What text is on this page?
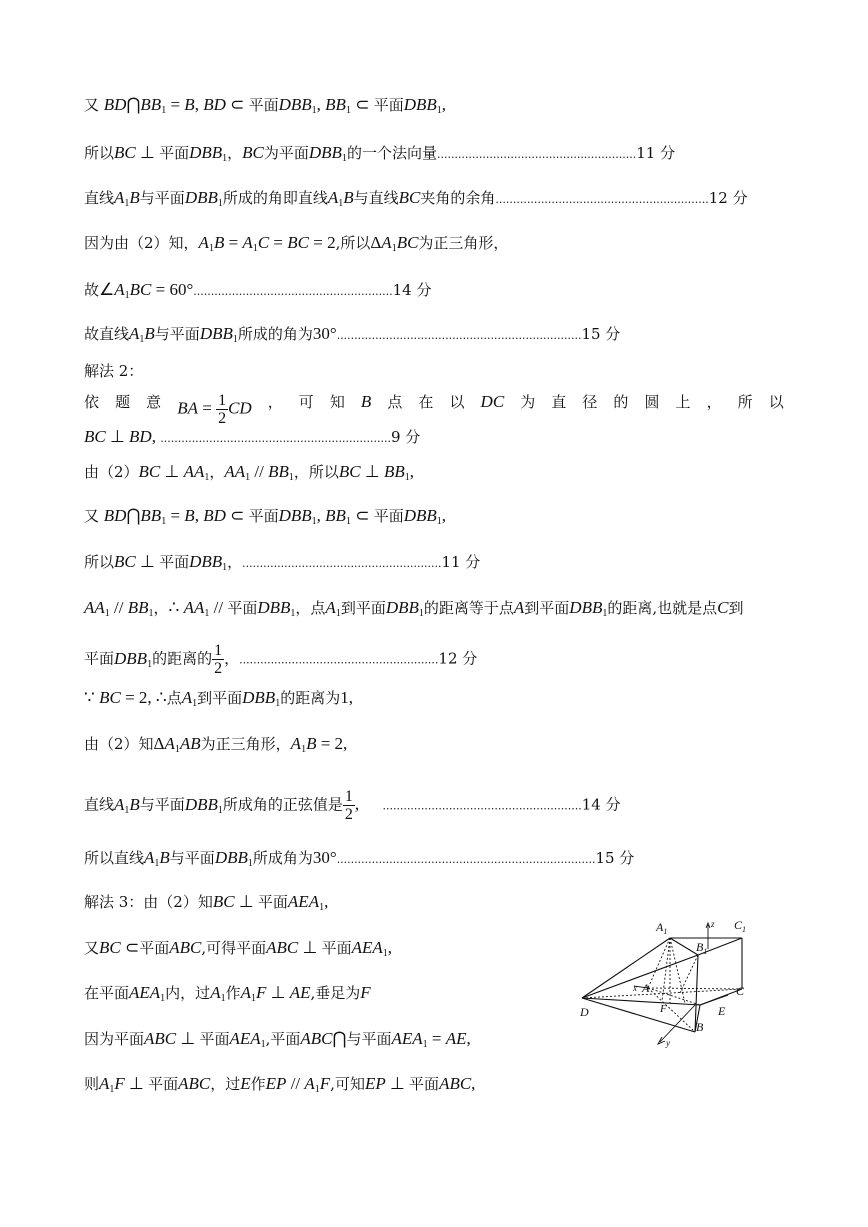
又 $BD⋂BB_1 = B$, BD ⊂ 平面$DBB_1$, $BB_1$ ⊂ 平面$DBB_1$,
所以BC ⊥ 平面$DBB_1$，BC为平面$DBB_1$的一个法向量.........................................................11 分
直线$A_1B$与平面$DBB_1$所成的角即直线$A_1B$与直线BC夹角的余角.............................................................12 分
因为由（2）知，$A_1B = A_1C$ = BC = 2,所以$\Delta A_1BC$为正三角形，
故$\angle A_1BC = 60^\circ.........................................................14$ 分
故直线$A_1B$与平面$DBB_1$所成的角为30°......................................................................15 分
解法 2：
依 题 意 BA = $\frac{1}{2}$ CD ， 可 知 B 点 在 以 DC 为 直 径 的 圆 上 ， 所 以
BC ⊥ BD, ..................................................................9 分
由（2）BC ⊥ $AA_1$，$AA_1 // BB_1$，所以BC ⊥ $BB_1$,
又 $BD⋂BB_1 = B$, BD ⊂ 平面$DBB_1$, $BB_1$ ⊂ 平面$DBB_1$,
所以BC ⊥ 平面$DBB_1$，.........................................................11 分
$AA_1 // BB_1$，∴ $AA_1$ // 平面$DBB_1$，点$A_1$到平面$DBB_1$的距离等于点A到平面$DBB_1$的距离,也就是点C到
平面$DBB_1$的距离的 $\frac{1}{2}$ ，.........................................................12 分
∵ BC = 2, ∴点$A_1$到平面$DBB_1$的距离为1,
由（2）知$\Delta A_1AB$为正三角形，$A_1B = 2$,
直线$A_1B$与平面$DBB_1$所成角的正弦值是 $\frac{1}{2}$ ,     .........................................................14 分
所以直线$A_1B$与平面$DBB_1$所成角为30°..........................................................................15 分
解法 3：由（2）知BC ⊥ 平面$AEA_1$,
又BC ⊂平面ABC,可得平面ABC ⊥ 平面$AEA_1$,
在平面$AEA_1$内，过$A_1$作$A_1F$ ⊥ AE,垂足为F
因为平面ABC ⊥ 平面$AEA_1$,平面ABC⋂与平面$AEA_1$ = AE,
则$A_1F$ ⊥ 平面ABC，过E作EP // $A_1F$,可知EP ⊥ 平面ABC,
$A_1$	$C_1$
$B_1$
z
x A	C
D	F	E
B
y
